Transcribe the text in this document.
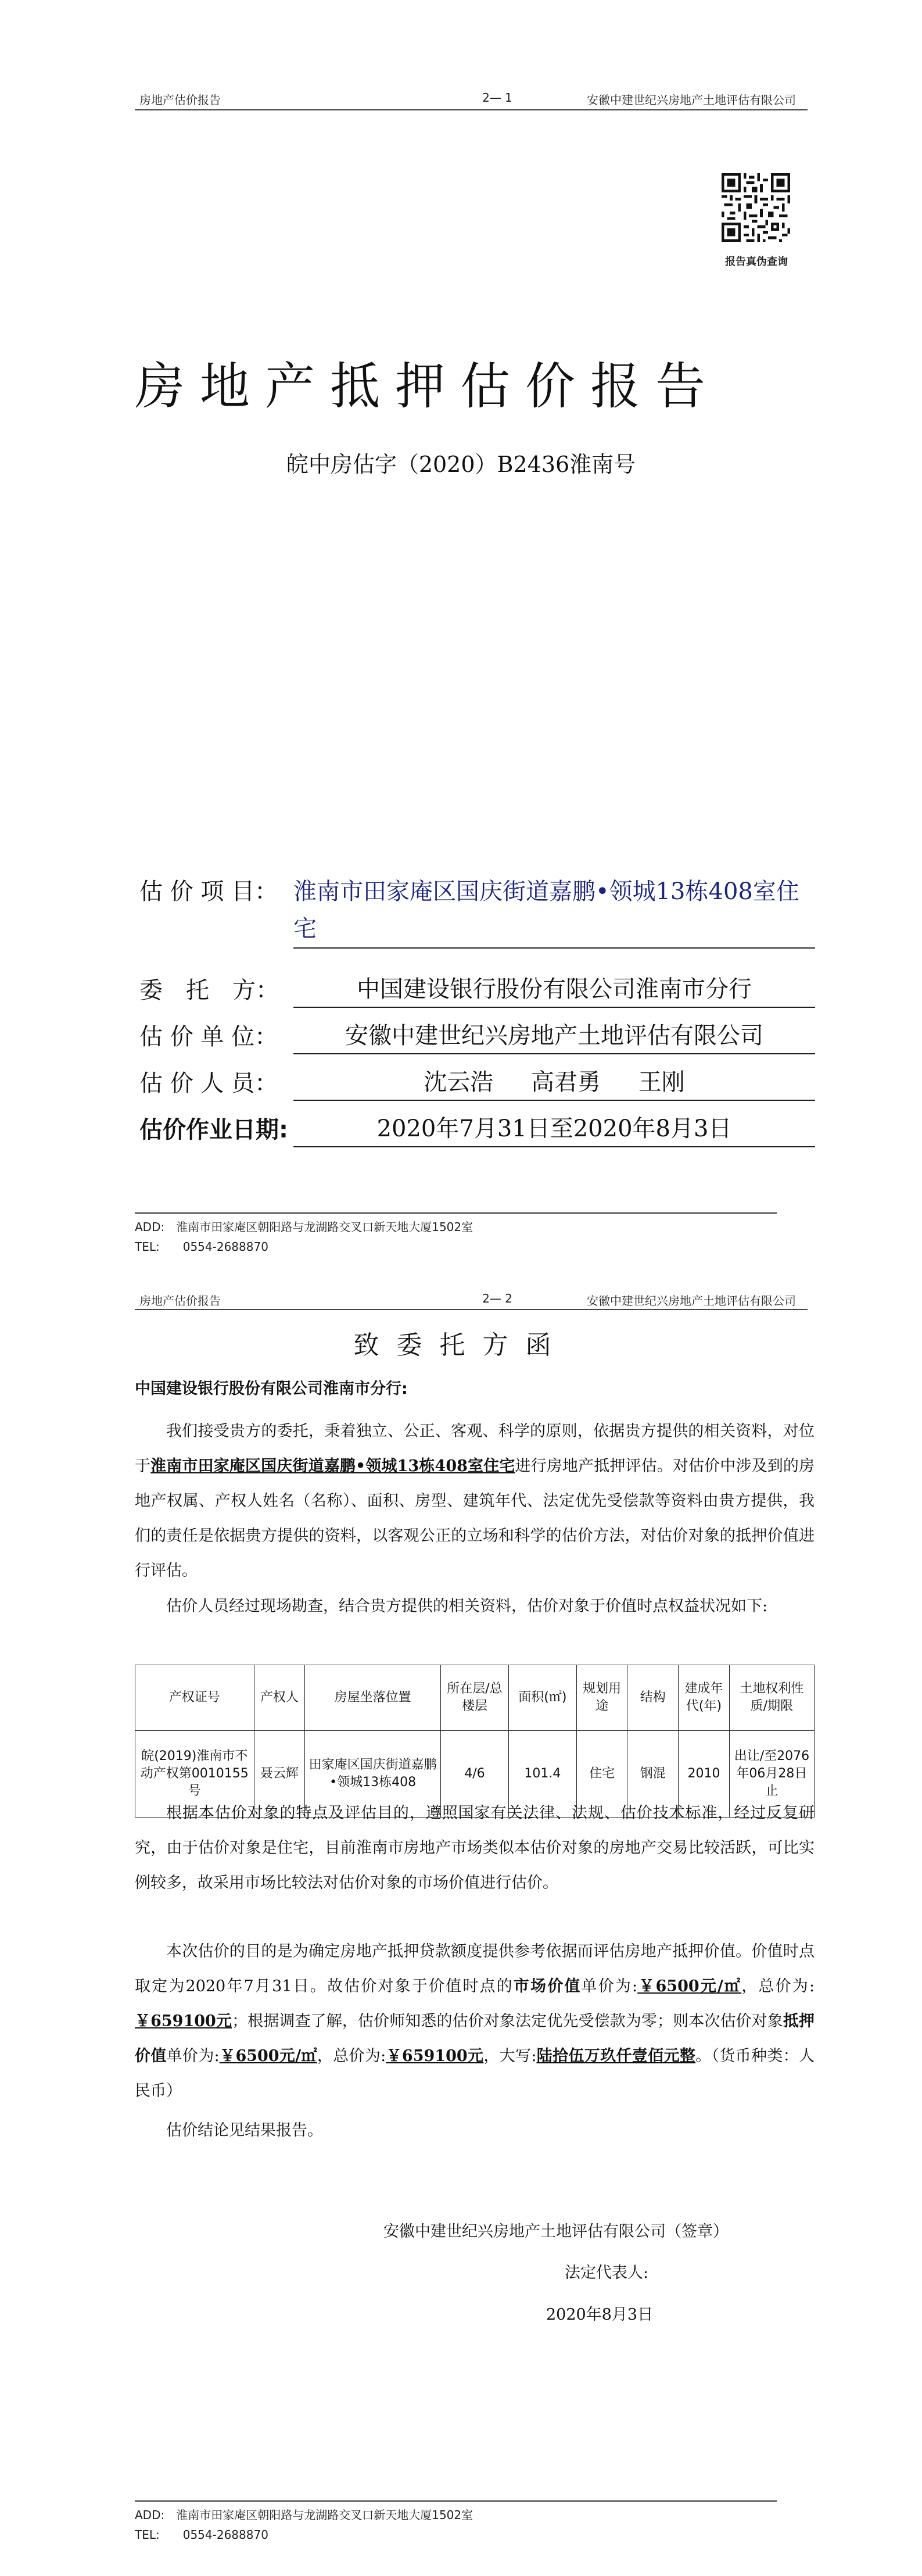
房地产估价报告	2— 1	安徽中建世纪兴房地产土地评估有限公司
报告真伪查询
房地产抵押估价报告
皖中房估字（2020）B2436淮南号
估 价 项 目： 淮南市田家庵区国庆街道嘉鹏•领城13栋408室住宅
委　托　方：	中国建设银行股份有限公司淮南市分行
估 价 单 位：	安徽中建世纪兴房地产土地评估有限公司
估 价 人 员：	沈云浩 高君勇 王刚
估价作业日期:	2020年7月31日至2020年8月3日
ADD:　淮南市田家庵区朝阳路与龙湖路交叉口新天地大厦1502室
TEL:　　0554-2688870
房地产估价报告	2— 2	安徽中建世纪兴房地产土地评估有限公司
致委托方函
中国建设银行股份有限公司淮南市分行:
我们接受贵方的委托，秉着独立、公正、客观、科学的原则，依据贵方提供的相关资料，对位于淮南市田家庵区国庆街道嘉鹏•领城13栋408室住宅进行房地产抵押评估。对估价中涉及到的房地产权属、产权人姓名（名称）、面积、房型、建筑年代、法定优先受偿款等资料由贵方提供，我们的责任是依据贵方提供的资料，以客观公正的立场和科学的估价方法，对估价对象的抵押价值进行评估。
估价人员经过现场勘查，结合贵方提供的相关资料，估价对象于价值时点权益状况如下:
产权证号	产权人	房屋坐落位置	所在层/总楼层	面积(㎡)	规划用途	结构	建成年代(年)	土地权利性质/期限
皖(2019)淮南市不动产权第0010155号	聂云辉	田家庵区国庆街道嘉鹏•领城13栋408	4/6	101.4	住宅	钢混	2010	出让/至2076年06月28日止
根据本估价对象的特点及评估目的，遵照国家有关法律、法规、估价技术标准，经过反复研究，由于估价对象是住宅，目前淮南市房地产市场类似本估价对象的房地产交易比较活跃，可比实例较多，故采用市场比较法对估价对象的市场价值进行估价。
本次估价的目的是为确定房地产抵押贷款额度提供参考依据而评估房地产抵押价值。价值时点取定为2020年7月31日。故估价对象于价值时点的市场价值单价为:￥6500元/㎡，总价为:￥659100元；根据调查了解，估价师知悉的估价对象法定优先受偿款为零；则本次估价对象抵押价值单价为:￥6500元/㎡，总价为:￥659100元，大写:陆拾伍万玖仟壹佰元整。（货币种类：人民币）
估价结论见结果报告。
安徽中建世纪兴房地产土地评估有限公司（签章）
法定代表人:
2020年8月3日
ADD:　淮南市田家庵区朝阳路与龙湖路交叉口新天地大厦1502室
TEL:　　0554-2688870
